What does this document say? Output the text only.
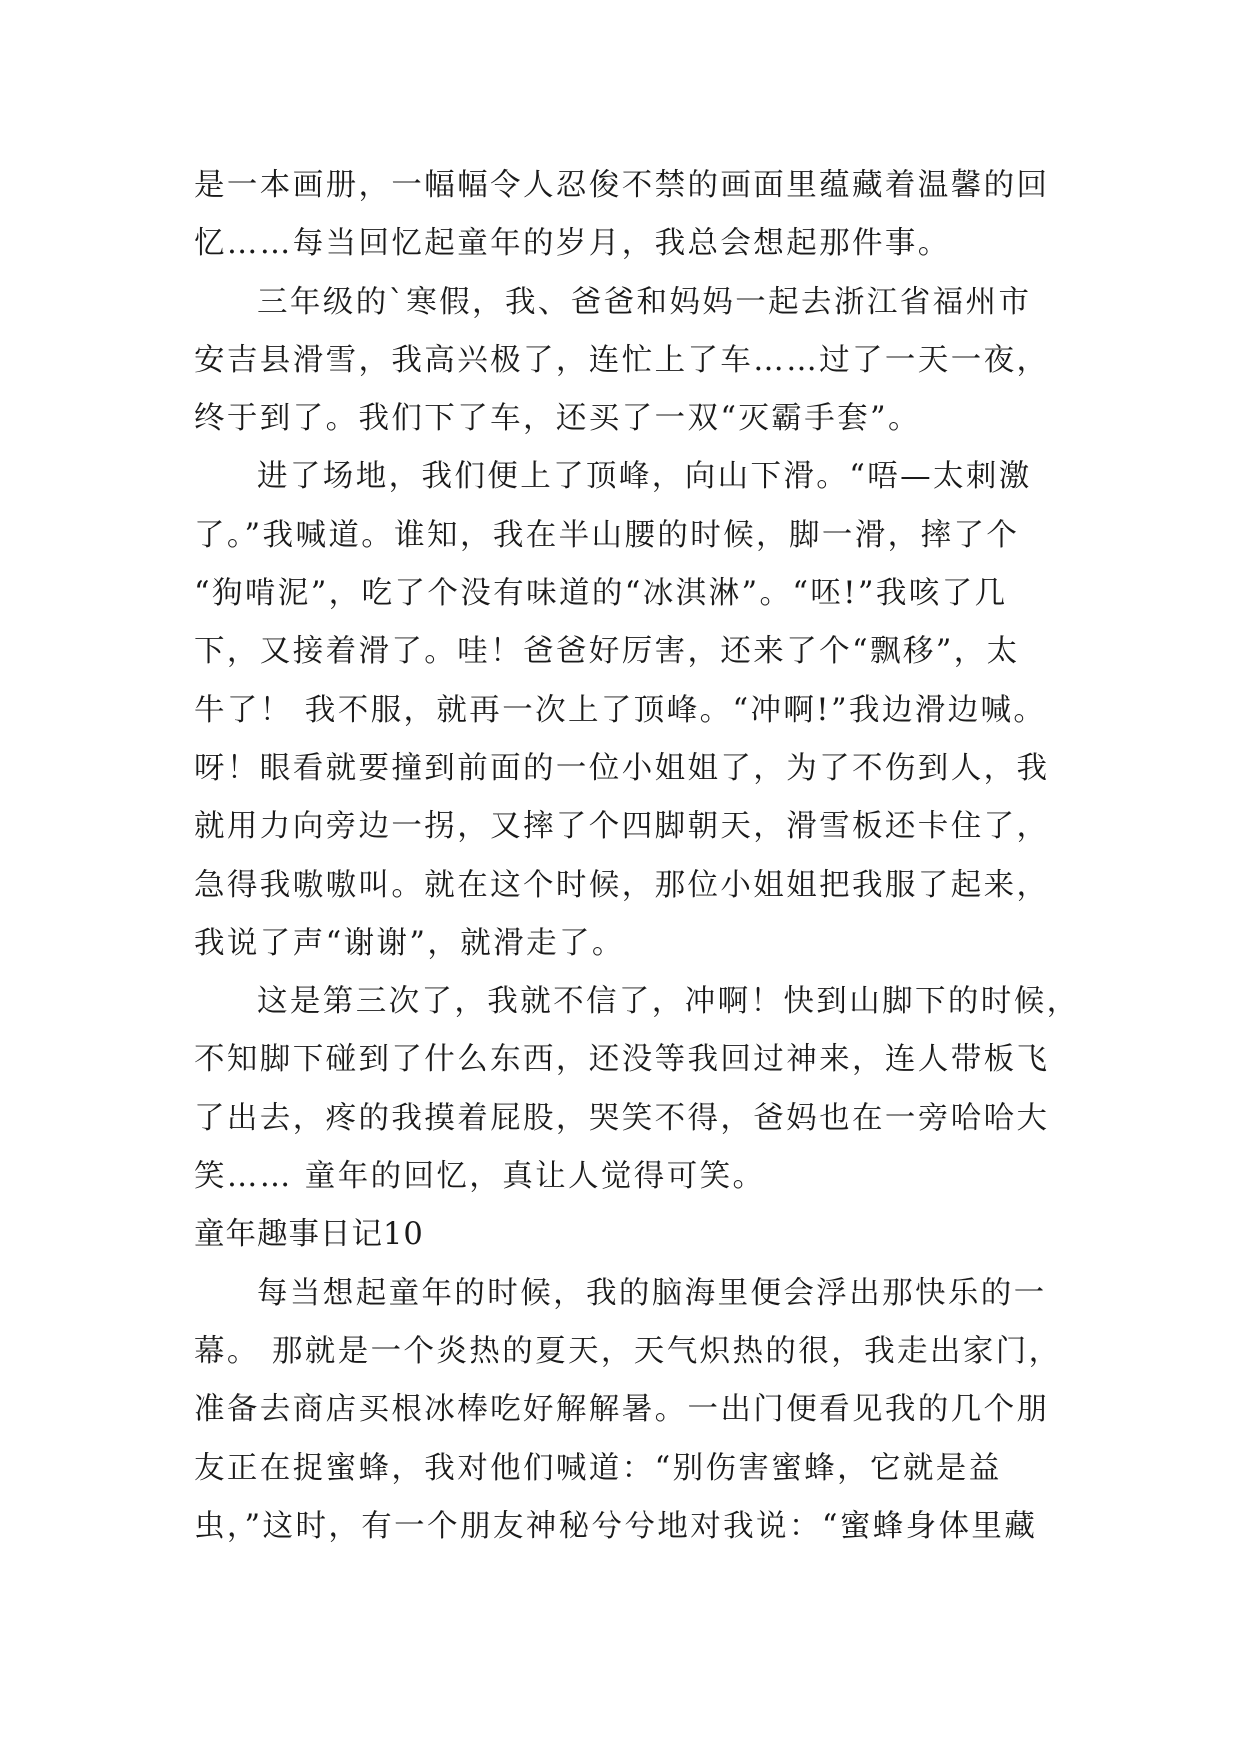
是一本画册，一幅幅令人忍俊不禁的画面里蕴藏着温馨的回
忆……每当回忆起童年的岁月，我总会想起那件事。
三年级的`寒假，我、爸爸和妈妈一起去浙江省福州市
安吉县滑雪，我高兴极了，连忙上了车……过了一天一夜，
终于到了。我们下了车，还买了一双“灭霸手套”。
进了场地，我们便上了顶峰，向山下滑。“唔—太刺激
了。”我喊道。谁知，我在半山腰的时候，脚一滑，摔了个
“狗啃泥”，吃了个没有味道的“冰淇淋”。“呸!”我咳了几
下，又接着滑了。哇！爸爸好厉害，还来了个“飘移”，太
牛了！ 我不服，就再一次上了顶峰。“冲啊!”我边滑边喊。
呀！眼看就要撞到前面的一位小姐姐了，为了不伤到人，我
就用力向旁边一拐，又摔了个四脚朝天，滑雪板还卡住了，
急得我嗷嗷叫。就在这个时候，那位小姐姐把我服了起来，
我说了声“谢谢”，就滑走了。
这是第三次了，我就不信了，冲啊！快到山脚下的时候，
不知脚下碰到了什么东西，还没等我回过神来，连人带板飞
了出去，疼的我摸着屁股，哭笑不得，爸妈也在一旁哈哈大
笑…… 童年的回忆，真让人觉得可笑。
童年趣事日记10
每当想起童年的时候，我的脑海里便会浮出那快乐的一
幕。 那就是一个炎热的夏天，天气炽热的很，我走出家门，
准备去商店买根冰棒吃好解解暑。一出门便看见我的几个朋
友正在捉蜜蜂，我对他们喊道：“别伤害蜜蜂，它就是益
虫，”这时，有一个朋友神秘兮兮地对我说：“蜜蜂身体里藏
